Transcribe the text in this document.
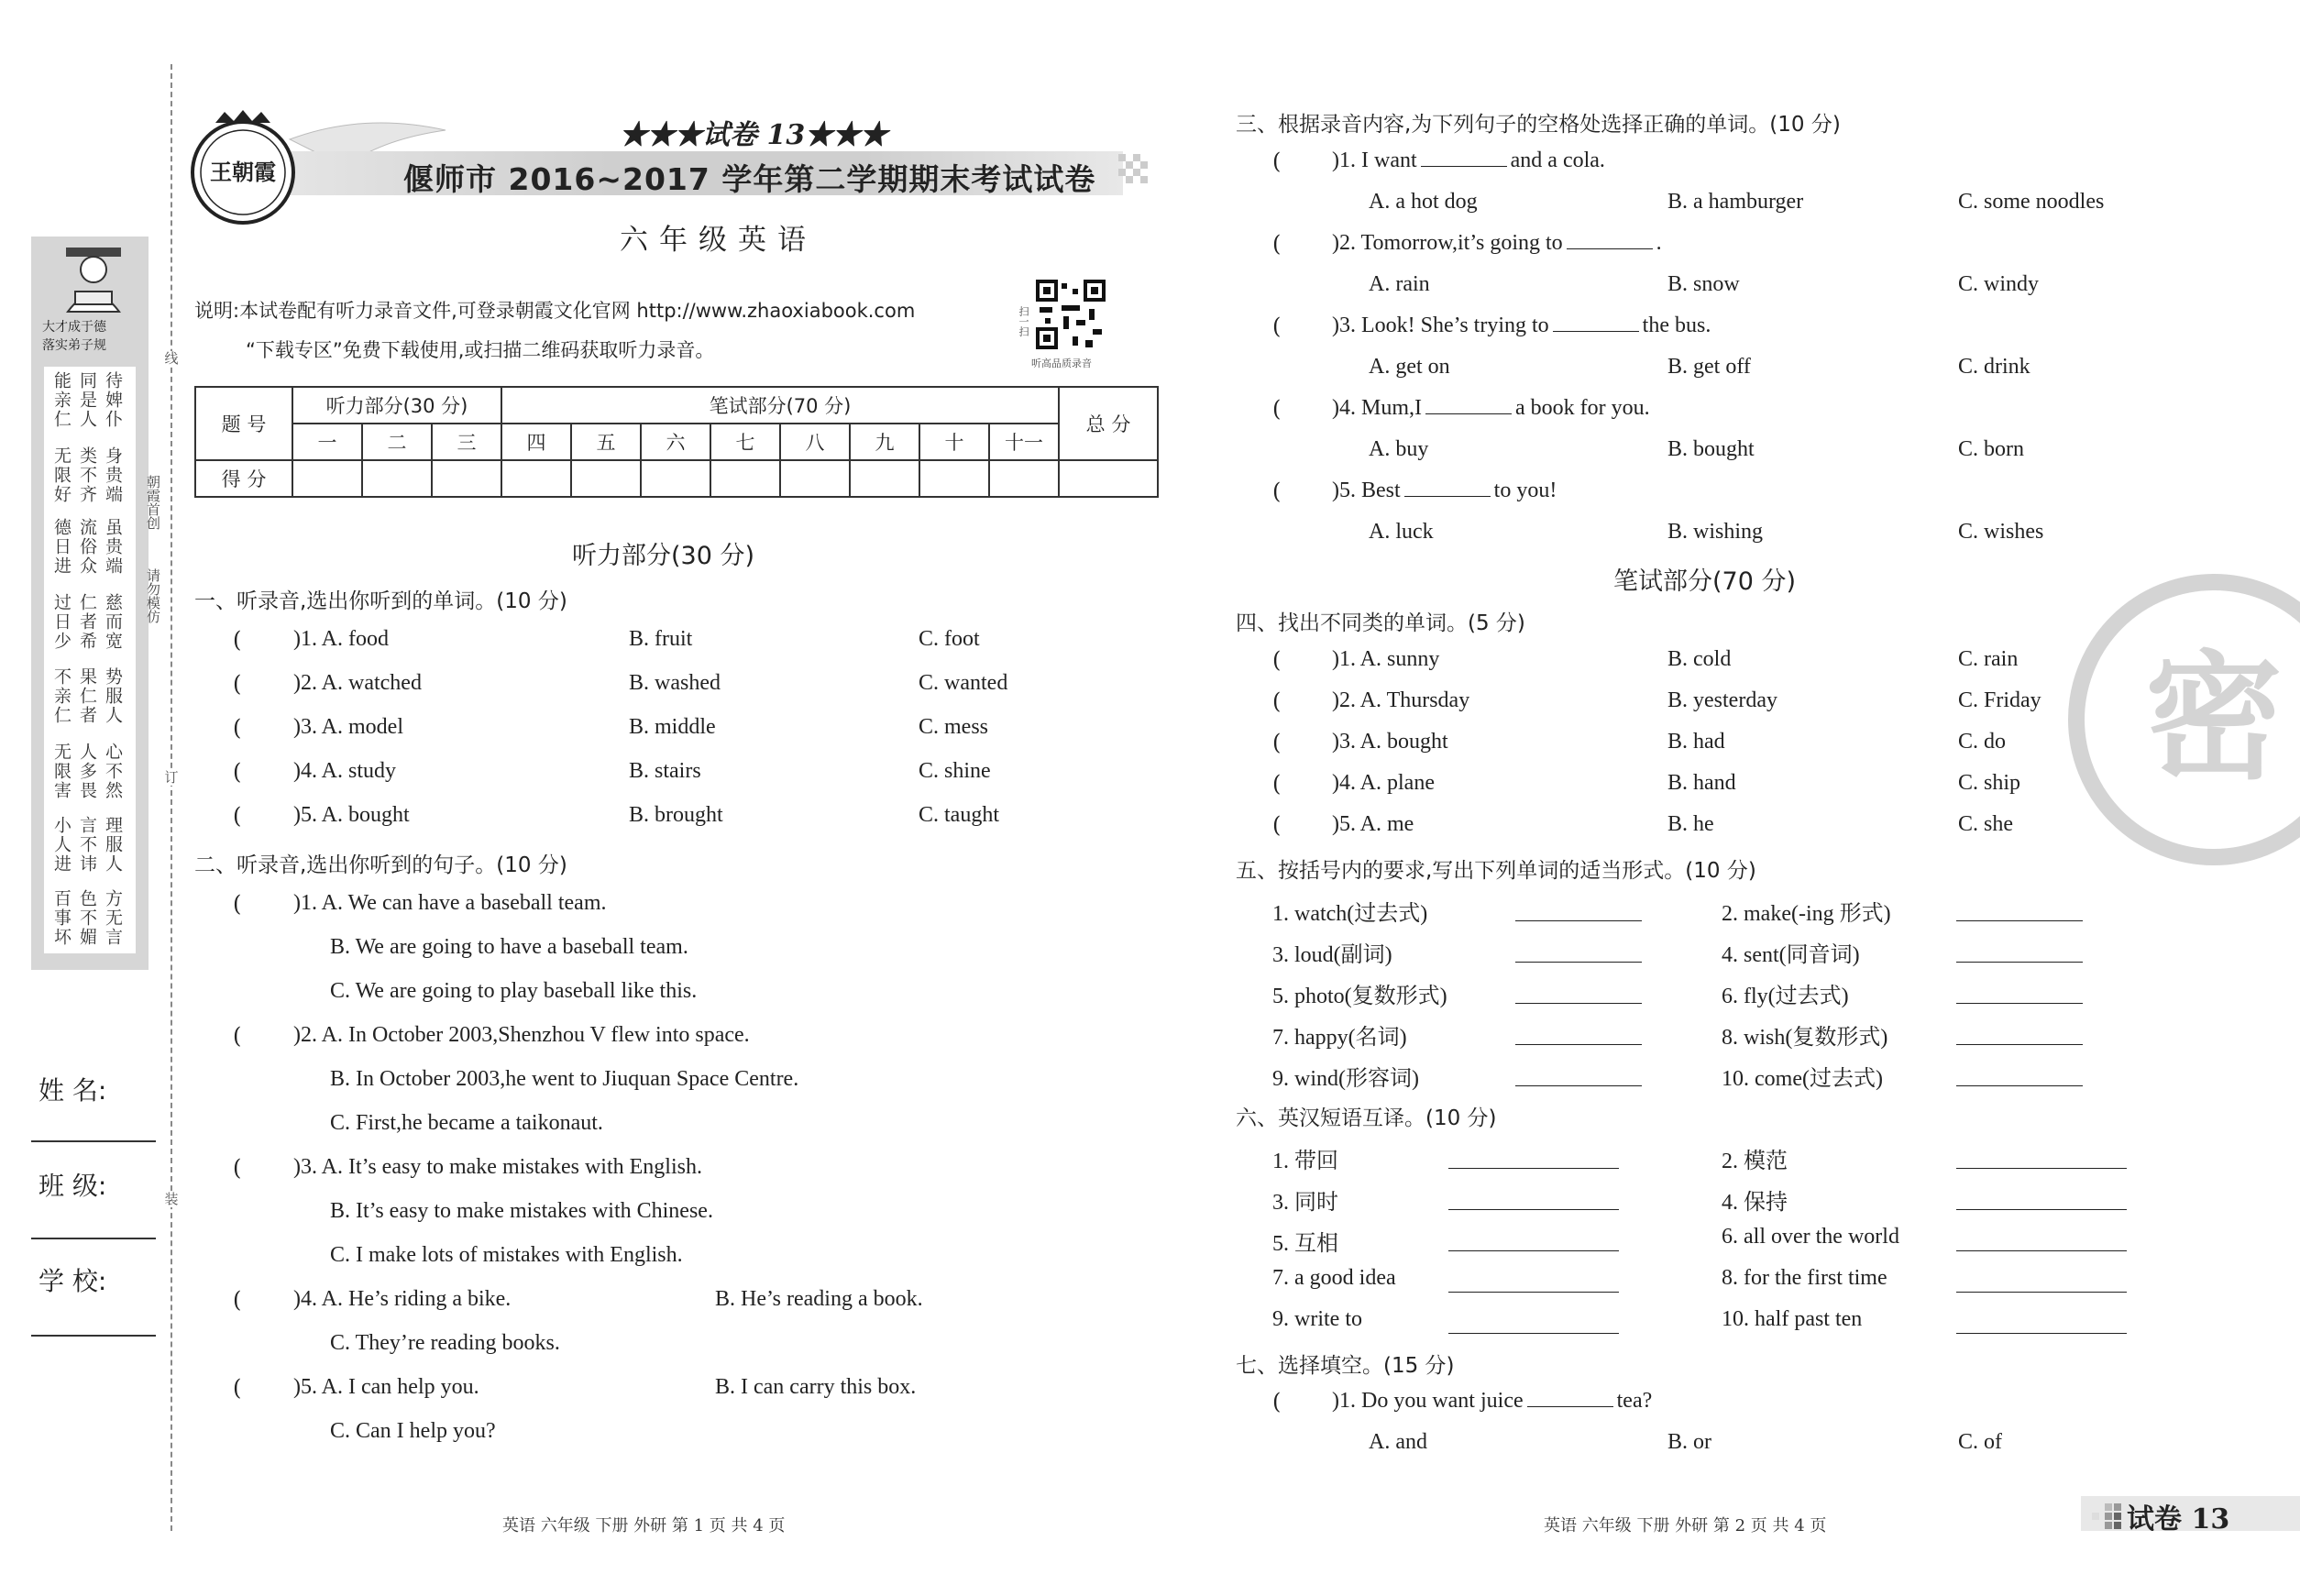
大才成于德
落实弟子规
能亲仁 同是人 待婢仆
无限好 类不齐 身贵端
德日进 流俗众 虽贵端
过日少 仁者希 慈而宽
不亲仁 果仁者 势服人
无限害 人多畏 心不然
小人进 言不讳 理服人
百事坏 色不媚 方无言
线
订
装
朝霞首创
请勿模仿
姓 名:
班 级:
学 校:
王朝霞
★★★试卷 13★★★
偃师市 2016~2017 学年第二学期期末考试试卷
六年级英语
说明:本试卷配有听力录音文件,可登录朝霞文化官网 http://www.zhaoxiabook.com
“下载专区”免费下载使用,或扫描二维码获取听力录音。
扫一扫
听高品质录音
题 号	听力部分(30 分)			笔试部分(70 分)								总 分
	一	二	三	四	五	六	七	八	九	十	十一	
得 分												
听力部分(30 分)
一、听录音,选出你听到的单词。(10 分)
( )1. A. food	B. fruit	C. foot
( )2. A. watched	B. washed	C. wanted
( )3. A. model	B. middle	C. mess
( )4. A. study	B. stairs	C. shine
( )5. A. bought	B. brought	C. taught
二、听录音,选出你听到的句子。(10 分)
( )1. A. We can have a baseball team.
B. We are going to have a baseball team.
C. We are going to play baseball like this.
( )2. A. In October 2003,Shenzhou V flew into space.
B. In October 2003,he went to Jiuquan Space Centre.
C. First,he became a taikonaut.
( )3. A. It’s easy to make mistakes with English.
B. It’s easy to make mistakes with Chinese.
C. I make lots of mistakes with English.
( )4. A. He’s riding a bike.	B. He’s reading a book.
C. They’re reading books.
( )5. A. I can help you.	B. I can carry this box.
C. Can I help you?
三、根据录音内容,为下列句子的空格处选择正确的单词。(10 分)
( )1. I want	and a cola.
A. a hot dog	B. a hamburger	C. some noodles
( )2. Tomorrow,it’s going to	.
A. rain	B. snow	C. windy
( )3. Look! She’s trying to	the bus.
A. get on	B. get off	C. drink
( )4. Mum,I	a book for you.
A. buy	B. bought	C. born
( )5. Best	to you!
A. luck	B. wishing	C. wishes
笔试部分(70 分)
四、找出不同类的单词。(5 分)
( )1. A. sunny	B. cold	C. rain
( )2. A. Thursday	B. yesterday	C. Friday
( )3. A. bought	B. had	C. do
( )4. A. plane	B. hand	C. ship
( )5. A. me	B. he	C. she
五、按括号内的要求,写出下列单词的适当形式。(10 分)
1. watch(过去式)	2. make(-ing 形式)
3. loud(副词)	4. sent(同音词)
5. photo(复数形式)	6. fly(过去式)
7. happy(名词)	8. wish(复数形式)
9. wind(形容词)	10. come(过去式)
六、英汉短语互译。(10 分)
1. 带回	2. 模范
3. 同时	4. 保持
5. 互相	6. all over the world
7. a good idea	8. for the first time
9. write to	10. half past ten
七、选择填空。(15 分)
( )1. Do you want juice	tea?
A. and	B. or	C. of
密
英语 六年级 下册 外研 第 1 页 共 4 页	英语 六年级 下册 外研 第 2 页 共 4 页	试卷 13
